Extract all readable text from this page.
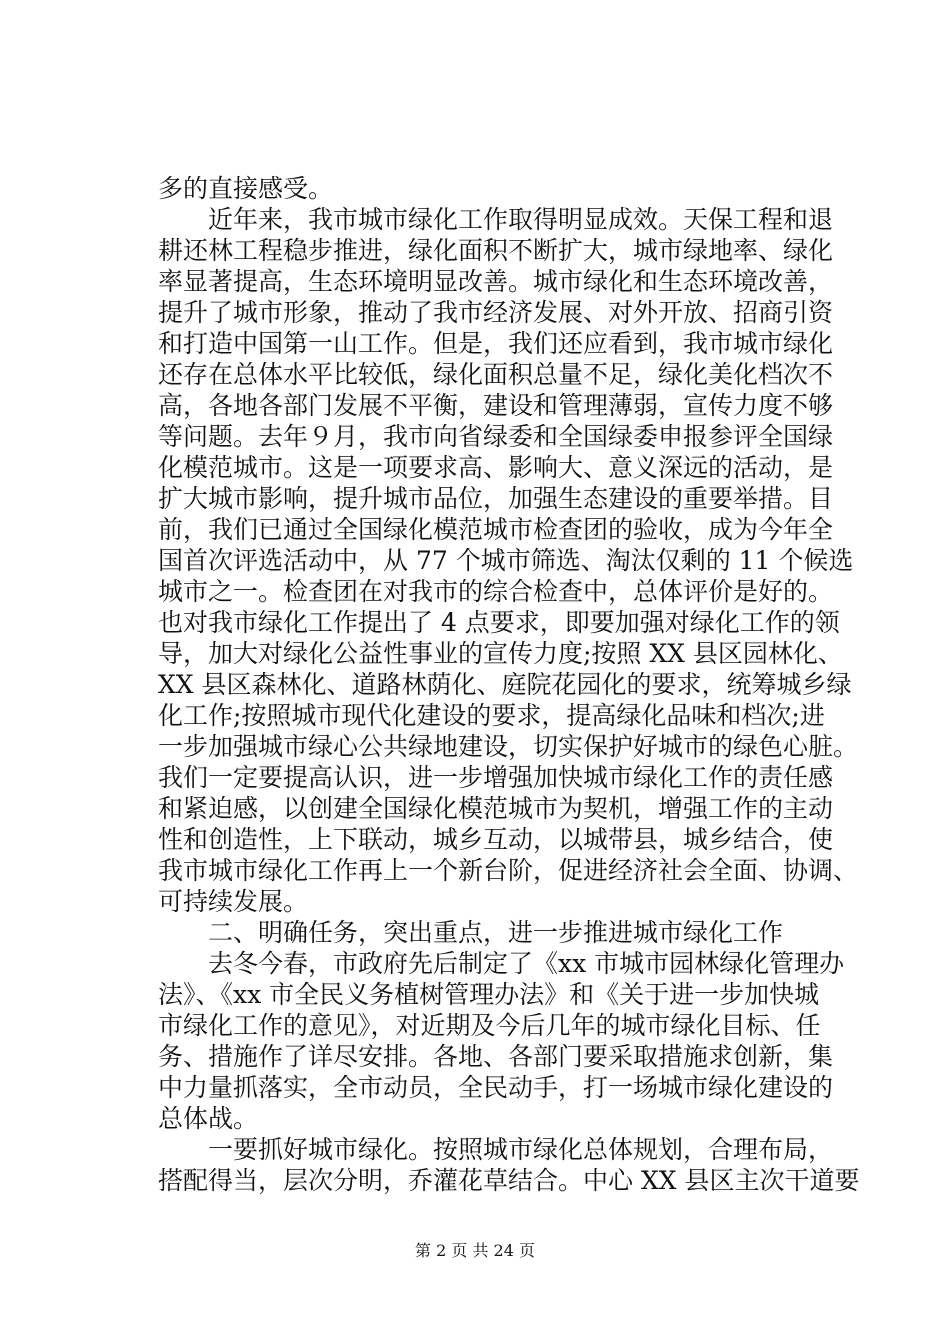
多的直接感受。
　　近年来，我市城市绿化工作取得明显成效。天保工程和退
耕还林工程稳步推进，绿化面积不断扩大，城市绿地率、绿化
率显著提高，生态环境明显改善。城市绿化和生态环境改善，
提升了城市形象，推动了我市经济发展、对外开放、招商引资
和打造中国第一山工作。但是，我们还应看到，我市城市绿化
还存在总体水平比较低，绿化面积总量不足，绿化美化档次不
高，各地各部门发展不平衡，建设和管理薄弱，宣传力度不够
等问题。去年９月，我市向省绿委和全国绿委申报参评全国绿
化模范城市。这是一项要求高、影响大、意义深远的活动，是
扩大城市影响，提升城市品位，加强生态建设的重要举措。目
前，我们已通过全国绿化模范城市检查团的验收，成为今年全
国首次评选活动中，从 77 个城市筛选、淘汰仅剩的 11 个候选
城市之一。检查团在对我市的综合检查中，总体评价是好的。
也对我市绿化工作提出了 4 点要求，即要加强对绿化工作的领
导，加大对绿化公益性事业的宣传力度;按照 XX 县区园林化、
XX 县区森林化、道路林荫化、庭院花园化的要求，统筹城乡绿
化工作;按照城市现代化建设的要求，提高绿化品味和档次;进
一步加强城市绿心公共绿地建设，切实保护好城市的绿色心脏。
我们一定要提高认识，进一步增强加快城市绿化工作的责任感
和紧迫感，以创建全国绿化模范城市为契机，增强工作的主动
性和创造性，上下联动，城乡互动，以城带县，城乡结合，使
我市城市绿化工作再上一个新台阶，促进经济社会全面、协调、
可持续发展。
　　二、明确任务，突出重点，进一步推进城市绿化工作
　　去冬今春，市政府先后制定了《xx 市城市园林绿化管理办
法》、《xx 市全民义务植树管理办法》和《关于进一步加快城
市绿化工作的意见》，对近期及今后几年的城市绿化目标、任
务、措施作了详尽安排。各地、各部门要采取措施求创新，集
中力量抓落实，全市动员，全民动手，打一场城市绿化建设的
总体战。
　　一要抓好城市绿化。按照城市绿化总体规划，合理布局，
搭配得当，层次分明，乔灌花草结合。中心 XX 县区主次干道要
第 2 页 共 24 页
